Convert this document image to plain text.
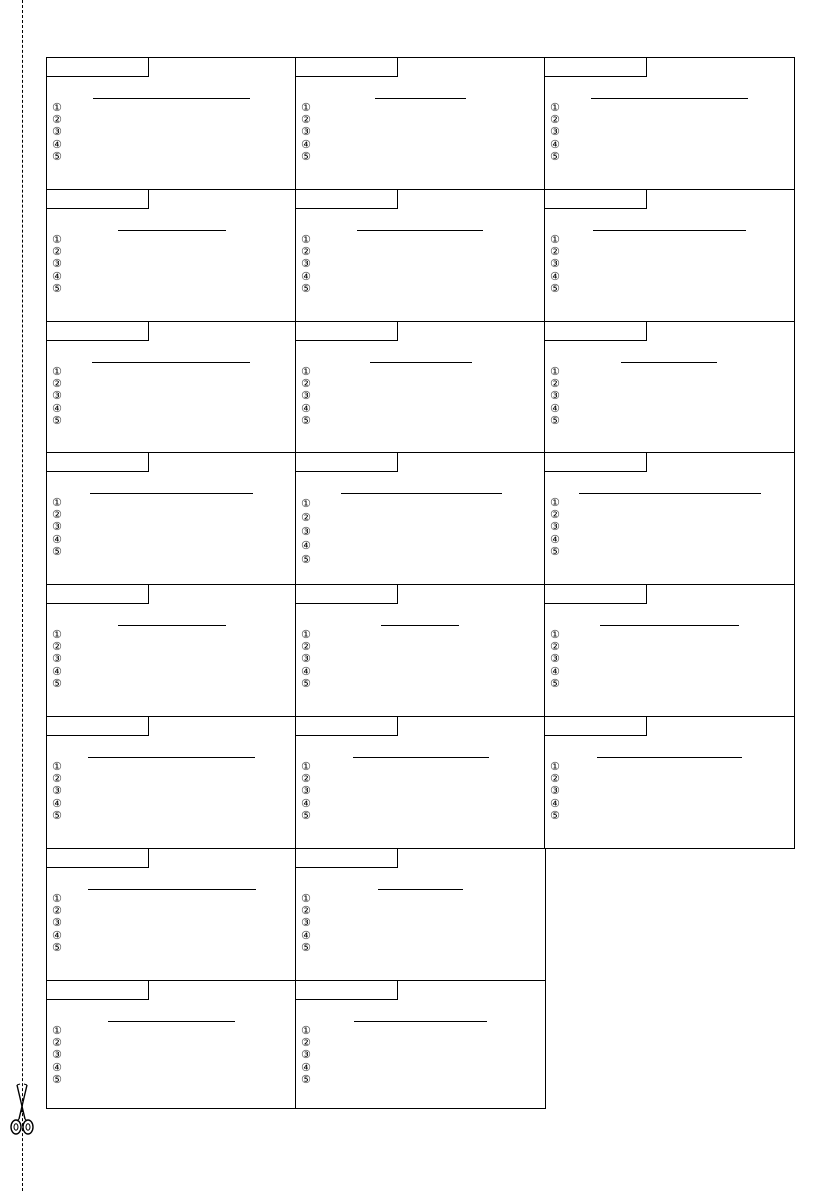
①
②
③
④
⑤
①
②
③
④
⑤
①
②
③
④
⑤
①
②
③
④
⑤
①
②
③
④
⑤
①
②
③
④
⑤
①
②
③
④
⑤
①
②
③
④
⑤
①
②
③
④
⑤
①
②
③
④
⑤
①
②
③
④
⑤
①
②
③
④
⑤
①
②
③
④
⑤
①
②
③
④
⑤
①
②
③
④
⑤
①
②
③
④
⑤
①
②
③
④
⑤
①
②
③
④
⑤
①
②
③
④
⑤
①
②
③
④
⑤
①
②
③
④
⑤
①
②
③
④
⑤
